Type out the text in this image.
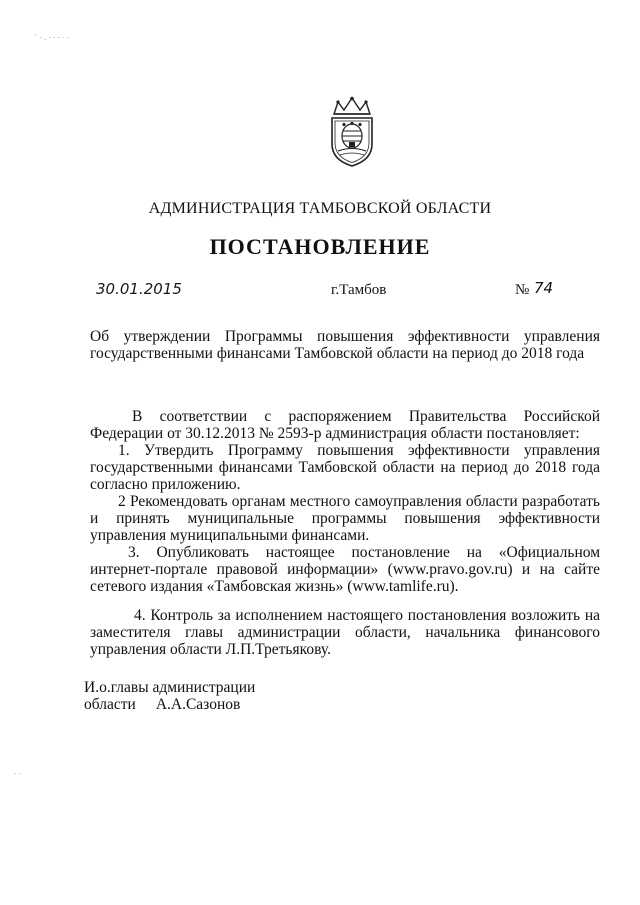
` · . · · · · ·
· ·
АДМИНИСТРАЦИЯ ТАМБОВСКОЙ ОБЛАСТИ
ПОСТАНОВЛЕНИЕ
30.01.2015	г.Тамбов	№ 74
Об утверждении Программы повышения эффективности управления государственными финансами Тамбовской области на период до 2018 года

В соответствии с распоряжением Правительства Российской Федерации от 30.12.2013 № 2593-р администрация области постановляет:

1. Утвердить Программу повышения эффективности управления государственными финансами Тамбовской области на период до 2018 года согласно приложению.

2 Рекомендовать органам местного самоуправления области разработать и принять муниципальные программы повышения эффективности управления муниципальными финансами.

3. Опубликовать настоящее постановление на «Официальном интернет-портале правовой информации» (www.pravo.gov.ru) и на сайте сетевого издания «Тамбовская жизнь» (www.tamlife.ru).

4. Контроль за исполнением настоящего постановления возложить на заместителя главы администрации области, начальника финансового управления области Л.П.Третьякову.

И.о.главы администрации
области А.А.Сазонов
